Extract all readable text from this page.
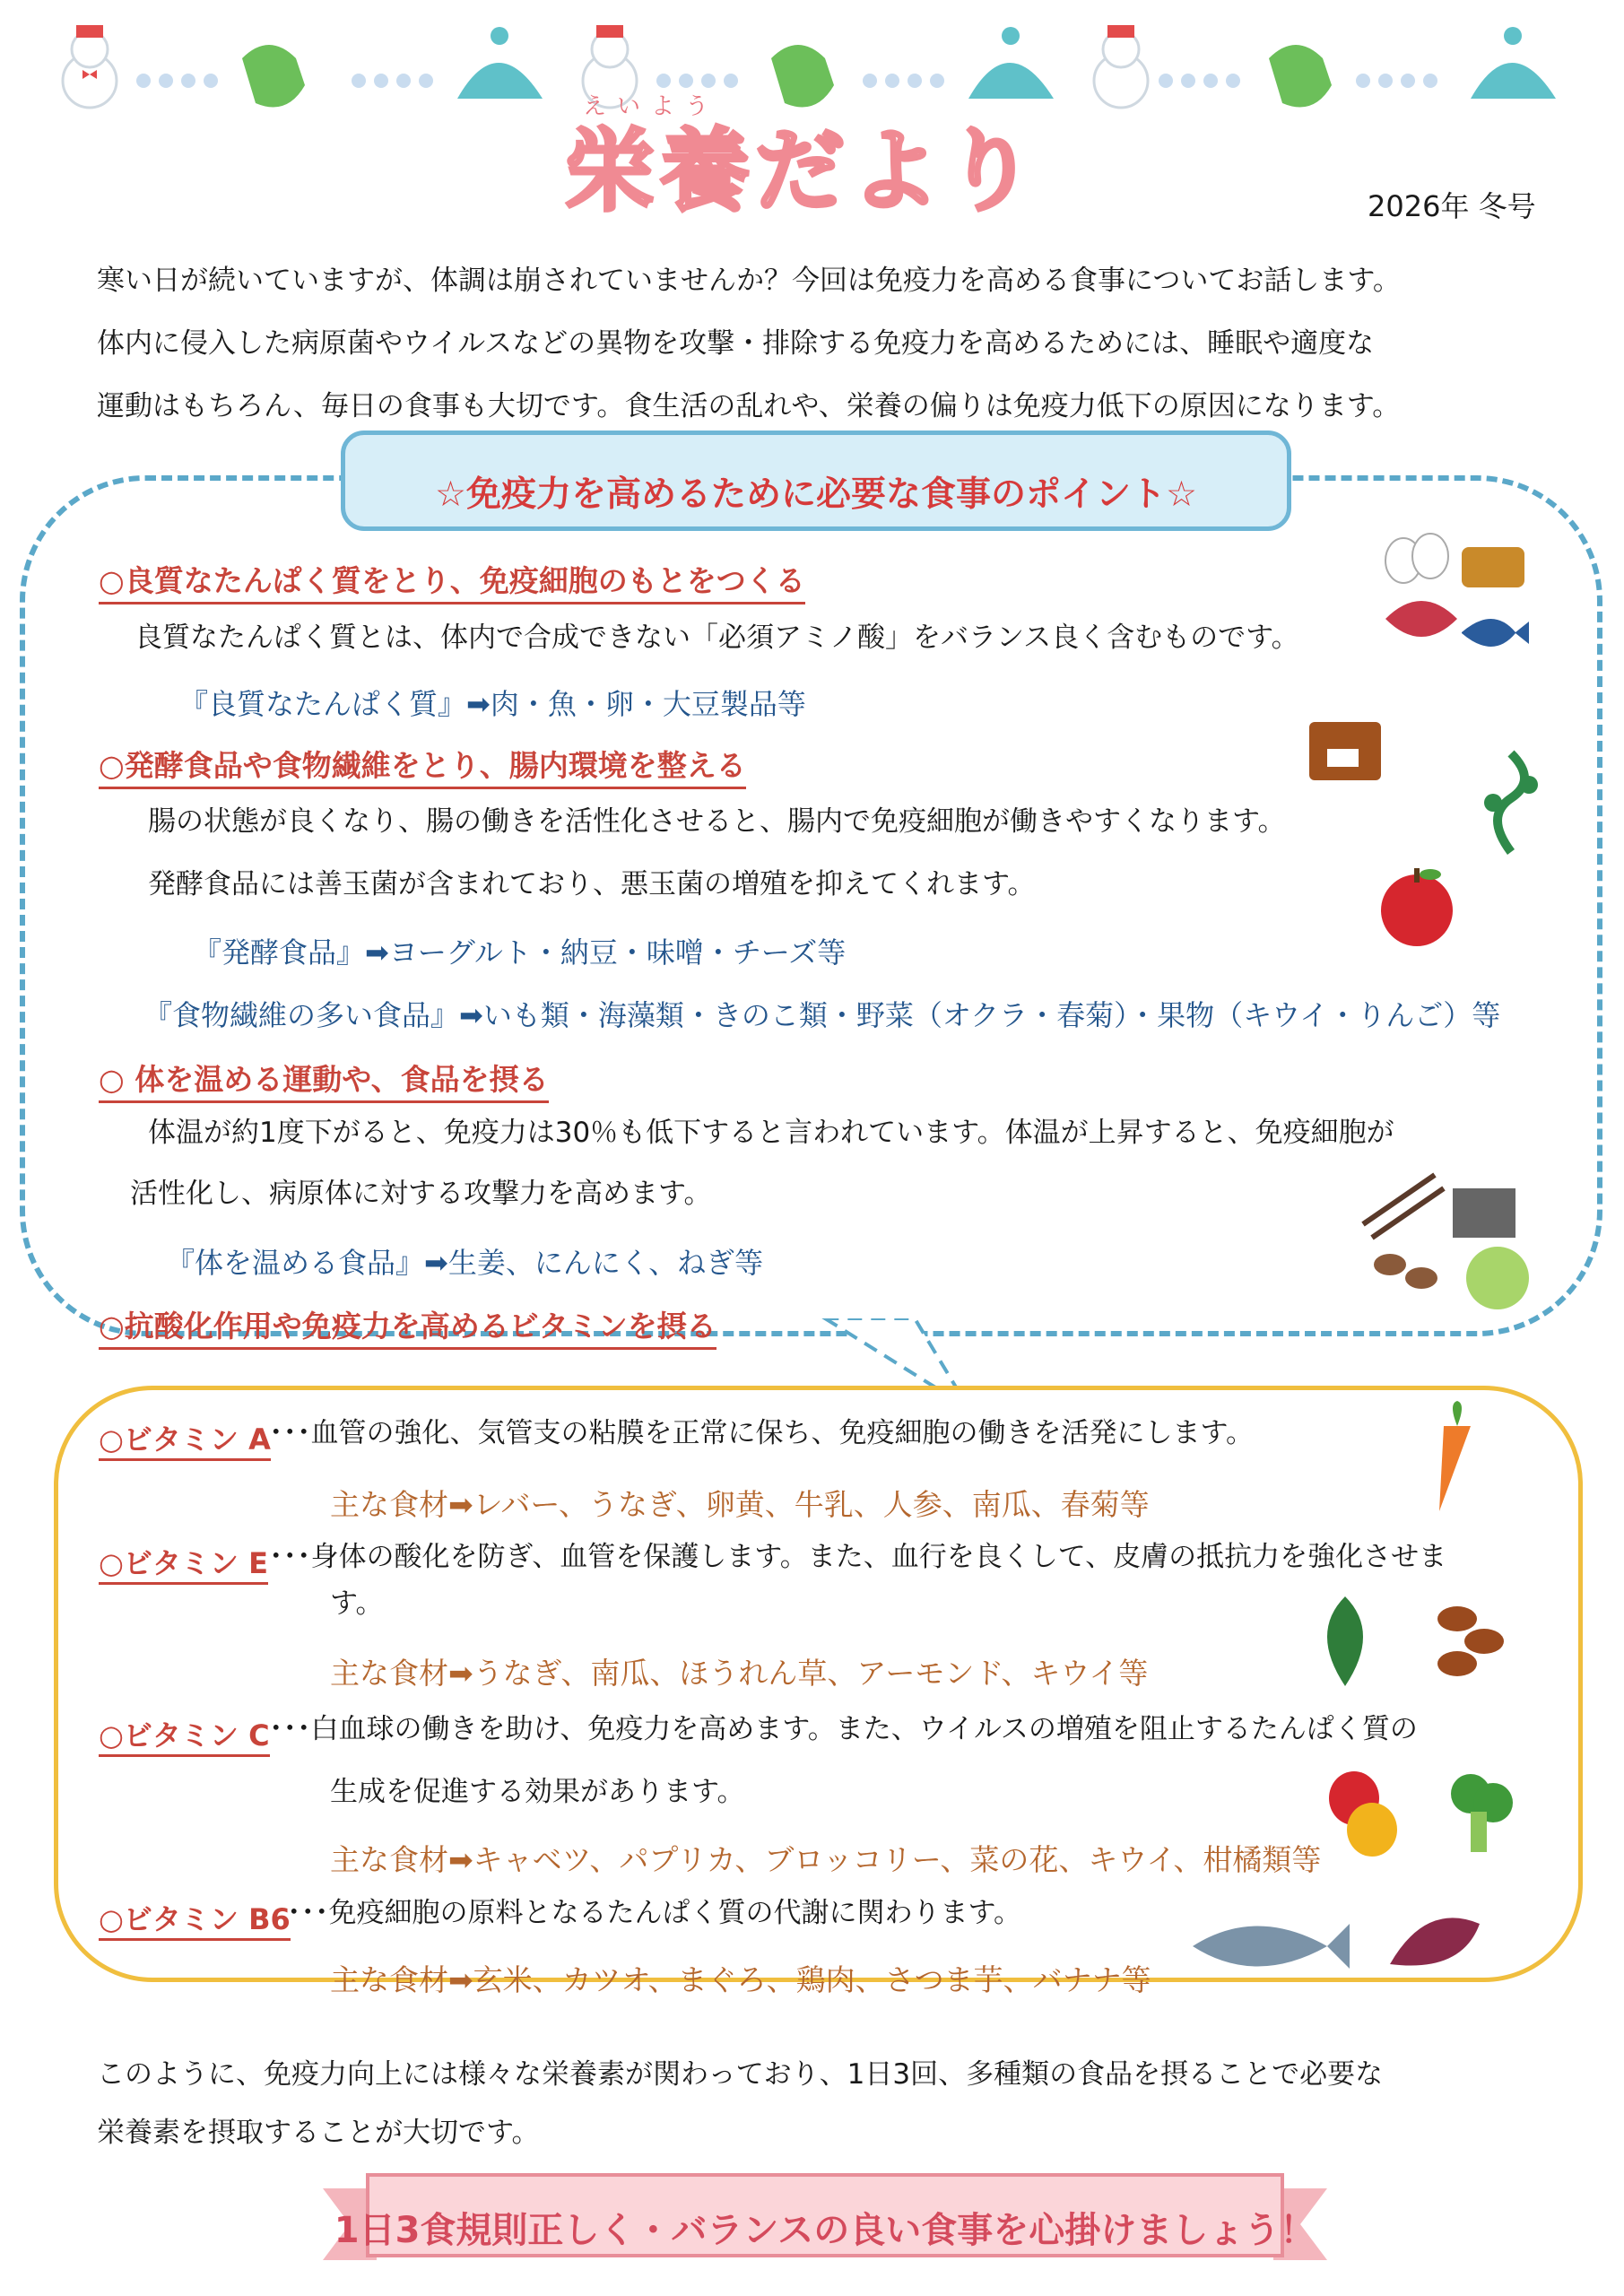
えいよう
栄養だより	2026年 冬号
寒い日が続いていますが、体調は崩されていませんか？今回は免疫力を高める食事についてお話します。
体内に侵入した病原菌やウイルスなどの異物を攻撃・排除する免疫力を高めるためには、睡眠や適度な
運動はもちろん、毎日の食事も大切です。食生活の乱れや、栄養の偏りは免疫力低下の原因になります。
☆免疫力を高めるために必要な食事のポイント☆
○良質なたんぱく質をとり、免疫細胞のもとをつくる
良質なたんぱく質とは、体内で合成できない「必須アミノ酸」をバランス良く含むものです。
『良質なたんぱく質』➡肉・魚・卵・大豆製品等
○発酵食品や食物繊維をとり、腸内環境を整える
腸の状態が良くなり、腸の働きを活性化させると、腸内で免疫細胞が働きやすくなります。
発酵食品には善玉菌が含まれており、悪玉菌の増殖を抑えてくれます。
『発酵食品』➡ヨーグルト・納豆・味噌・チーズ等
『食物繊維の多い食品』➡いも類・海藻類・きのこ類・野菜（オクラ・春菊）・果物（キウイ・りんご）等
○ 体を温める運動や、食品を摂る
体温が約1度下がると、免疫力は30％も低下すると言われています。体温が上昇すると、免疫細胞が
活性化し、病原体に対する攻撃力を高めます。
『体を温める食品』➡生姜、にんにく、ねぎ等
○抗酸化作用や免疫力を高めるビタミンを摂る
○ビタミン A
･･･血管の強化、気管支の粘膜を正常に保ち、免疫細胞の働きを活発にします。
主な食材➡レバー、うなぎ、卵黄、牛乳、人参、南瓜、春菊等
○ビタミン E ･･･身体の酸化を防ぎ、血管を保護します。また、血行を良くして、皮膚の抵抗力を強化させま
す。
主な食材➡うなぎ、南瓜、ほうれん草、アーモンド、キウイ等
○ビタミン C ･･･白血球の働きを助け、免疫力を高めます。また、ウイルスの増殖を阻止するたんぱく質の
生成を促進する効果があります。
主な食材➡キャベツ、パプリカ、ブロッコリー、菜の花、キウイ、柑橘類等
○ビタミン B6
･･･免疫細胞の原料となるたんぱく質の代謝に関わります。
主な食材➡玄米、カツオ、まぐろ、鶏肉、さつま芋、バナナ等
このように、免疫力向上には様々な栄養素が関わっており、1日3回、多種類の食品を摂ることで必要な
栄養素を摂取することが大切です。
1日3食規則正しく・バランスの良い食事を心掛けましょう！
